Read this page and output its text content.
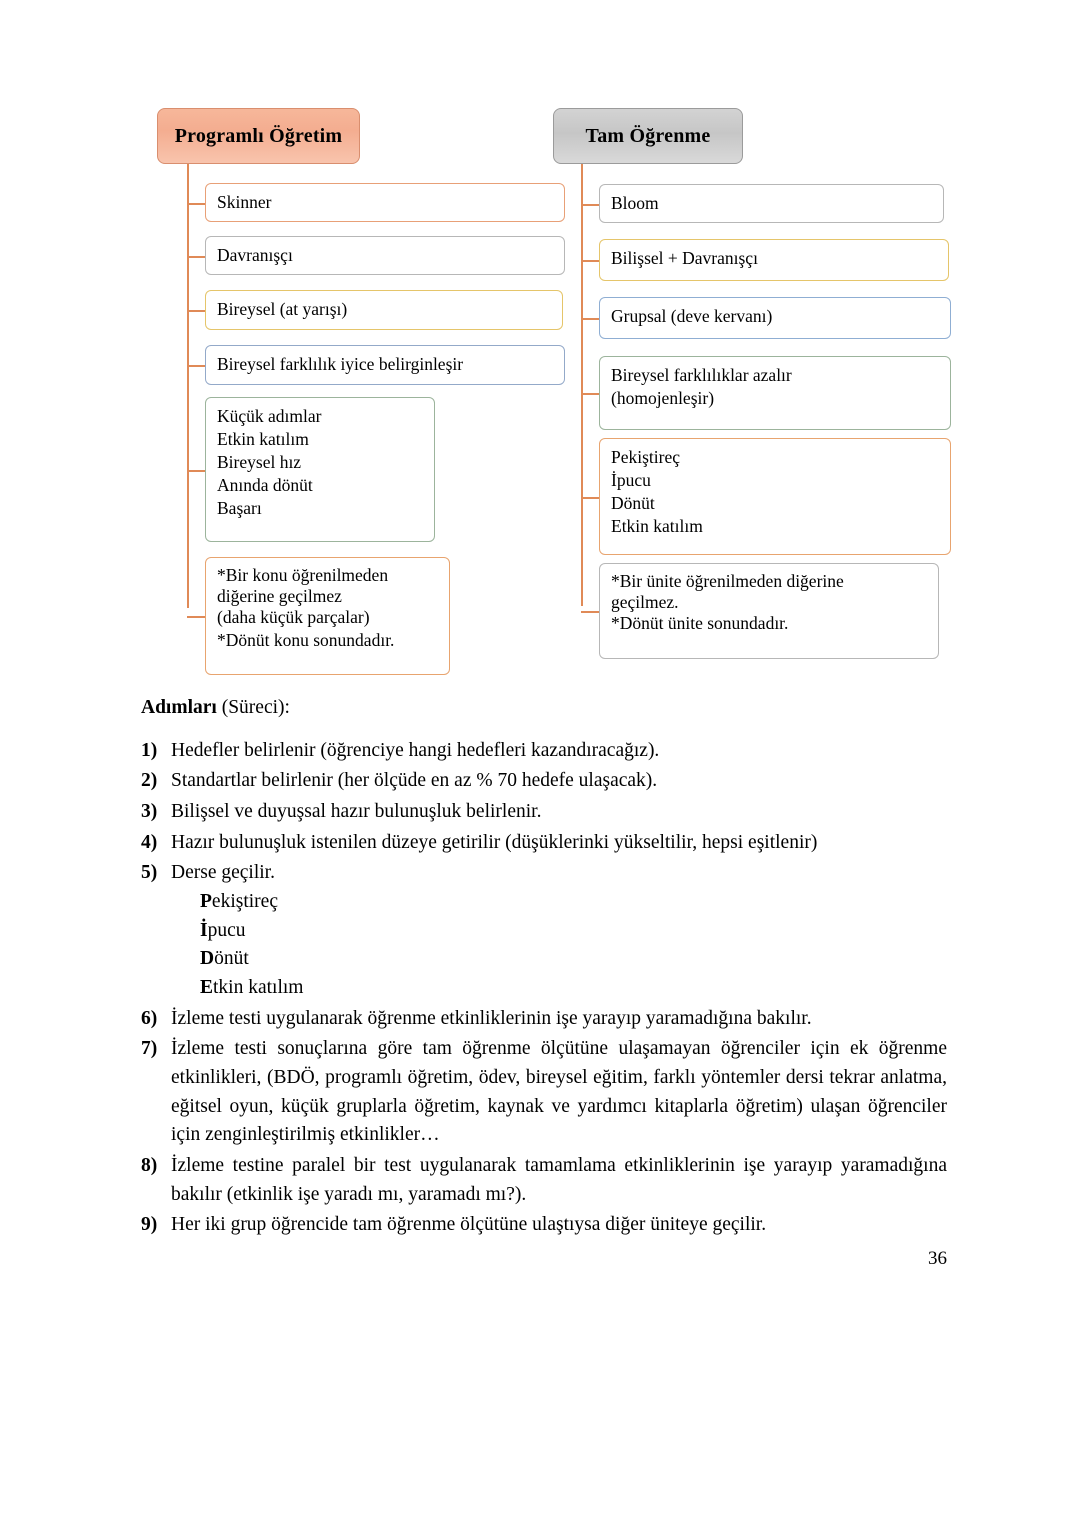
Programlı Öğretim
Skinner
Davranışçı
Bireysel (at yarışı)
Bireysel farklılık iyice belirginleşir
Küçük adımlar
Etkin katılım
Bireysel hız
Anında dönüt
Başarı
*Bir konu öğrenilmeden
diğerine geçilmez
(daha küçük parçalar)
*Dönüt konu sonundadır.
Tam Öğrenme
Bloom
Bilişsel + Davranışçı
Grupsal (deve kervanı)
Bireysel farklılıklar azalır
(homojenleşir)
Pekiştireç
İpucu
Dönüt
Etkin katılım
*Bir ünite öğrenilmeden diğerine
geçilmez.
*Dönüt ünite sonundadır.
Adımları (Süreci):
1) Hedefler belirlenir (öğrenciye hangi hedefleri kazandıracağız).
2) Standartlar belirlenir (her ölçüde en az % 70 hedefe ulaşacak).
3) Bilişsel ve duyuşsal hazır bulunuşluk belirlenir.
4) Hazır bulunuşluk istenilen düzeye getirilir (düşüklerinki yükseltilir, hepsi eşitlenir)
5) Derse geçilir.
Pekiştireç
İpucu
Dönüt
Etkin katılım
6) İzleme testi uygulanarak öğrenme etkinliklerinin işe yarayıp yaramadığına bakılır.
7) İzleme testi sonuçlarına göre tam öğrenme ölçütüne ulaşamayan öğrenciler için ek öğrenme etkinlikleri, (BDÖ, programlı öğretim, ödev, bireysel eğitim, farklı yöntemler dersi tekrar anlatma, eğitsel oyun, küçük gruplarla öğretim, kaynak ve yardımcı kitaplarla öğretim) ulaşan öğrenciler için zenginleştirilmiş etkinlikler…
8) İzleme testine paralel bir test uygulanarak tamamlama etkinliklerinin işe yarayıp yaramadığına bakılır (etkinlik işe yaradı mı, yaramadı mı?).
9) Her iki grup öğrencide tam öğrenme ölçütüne ulaştıysa diğer üniteye geçilir.
36
